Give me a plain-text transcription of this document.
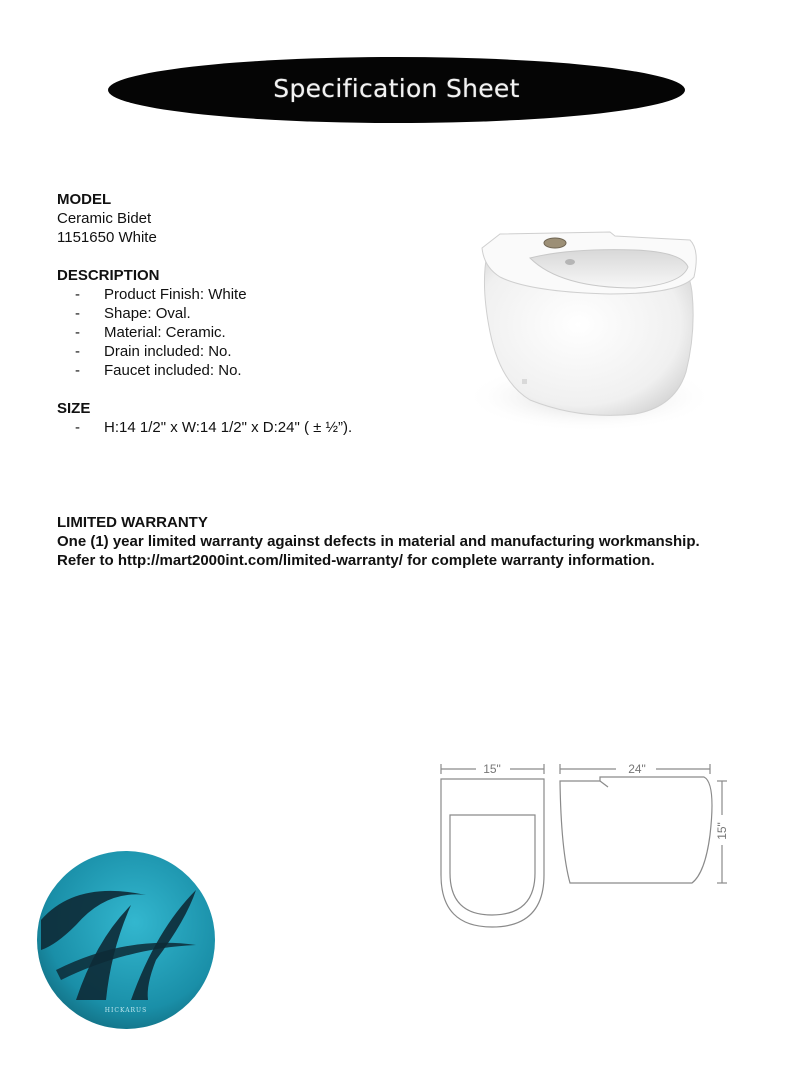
Specification Sheet
MODEL
Ceramic Bidet
1151650 White
DESCRIPTION
- Product Finish: White
- Shape: Oval.
- Material: Ceramic.
- Drain included: No.
- Faucet included: No.
SIZE
- H:14 1/2" x W:14 1/2" x D:24" ( ± ½”).
LIMITED WARRANTY
One (1) year limited warranty against defects in material and manufacturing workmanship.
Refer to http://mart2000int.com/limited-warranty/ for complete warranty information.
15"	24"
15"
HICKARUS
